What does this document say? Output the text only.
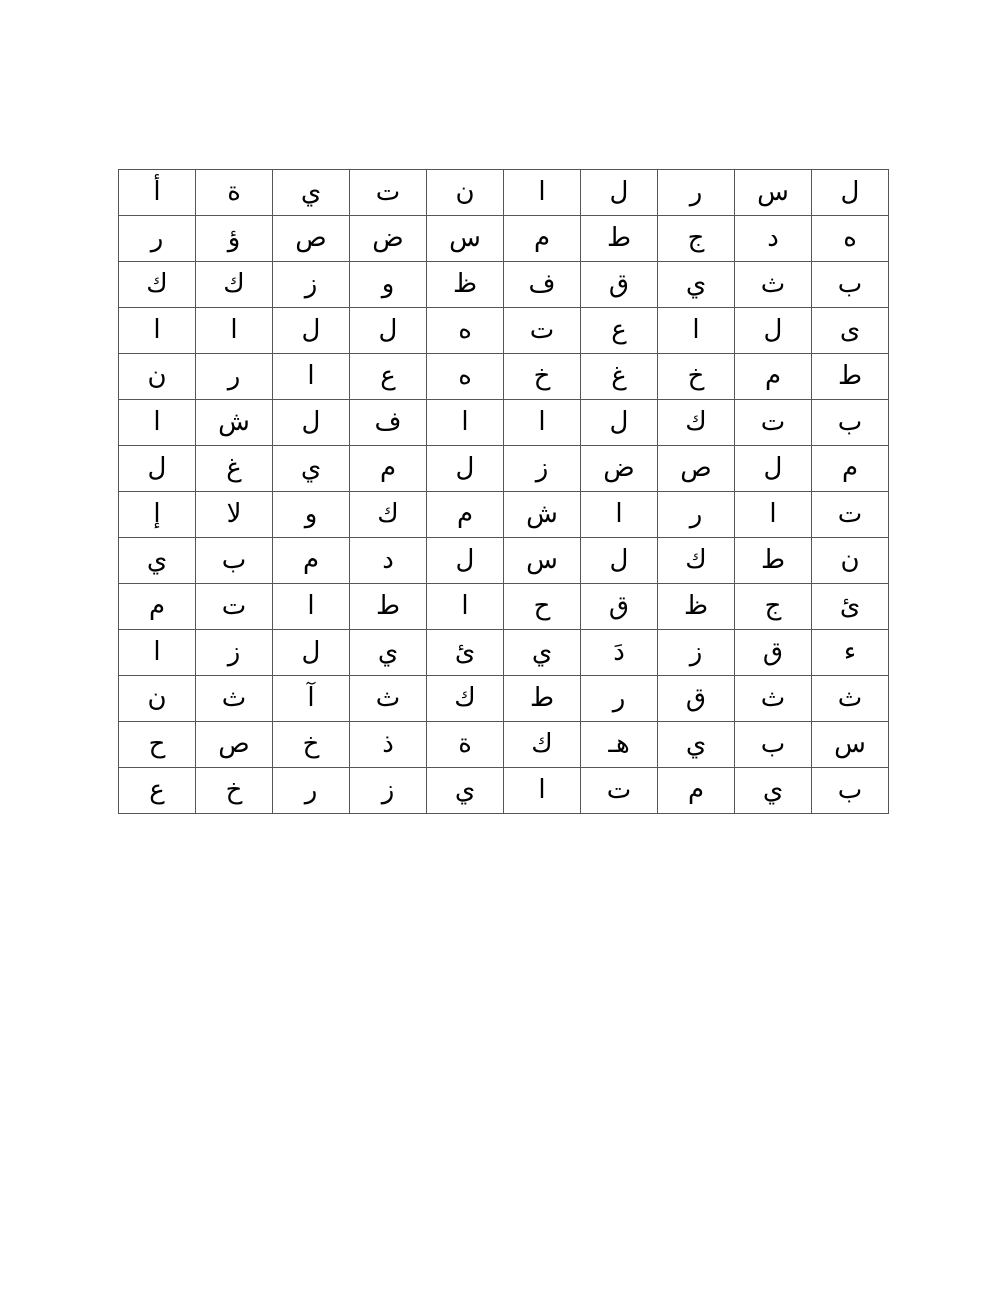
ل	س	ر	ل	ا	ن	ت	ي	ة	أ
ه	د	ج	ط	م	س	ض	ص	ؤ	ر
ب	ث	ي	ق	ف	ظ	و	ز	ك	ك
ى	ل	ا	ع	ت	ه	ل	ل	ا	ا
ط	م	خ	غ	خ	ه	ع	ا	ر	ن
ب	ت	ك	ل	ا	ا	ف	ل	ش	ا
م	ل	ص	ض	ز	ل	م	ي	غ	ل
ت	ا	ر	ا	ش	م	ك	و	لا	إ
ن	ط	ك	ل	س	ل	د	م	ب	ي
ئ	ج	ظ	ق	ح	ا	ط	ا	ت	م
ء	ق	ز	دَ	ي	ئ	ي	ل	ز	ا
ث	ث	ق	ر	ط	ك	ث	آ	ث	ن
س	ب	ي	هـ	ك	ة	ذ	خ	ص	ح
ب	ي	م	ت	ا	ي	ز	ر	خ	ع
